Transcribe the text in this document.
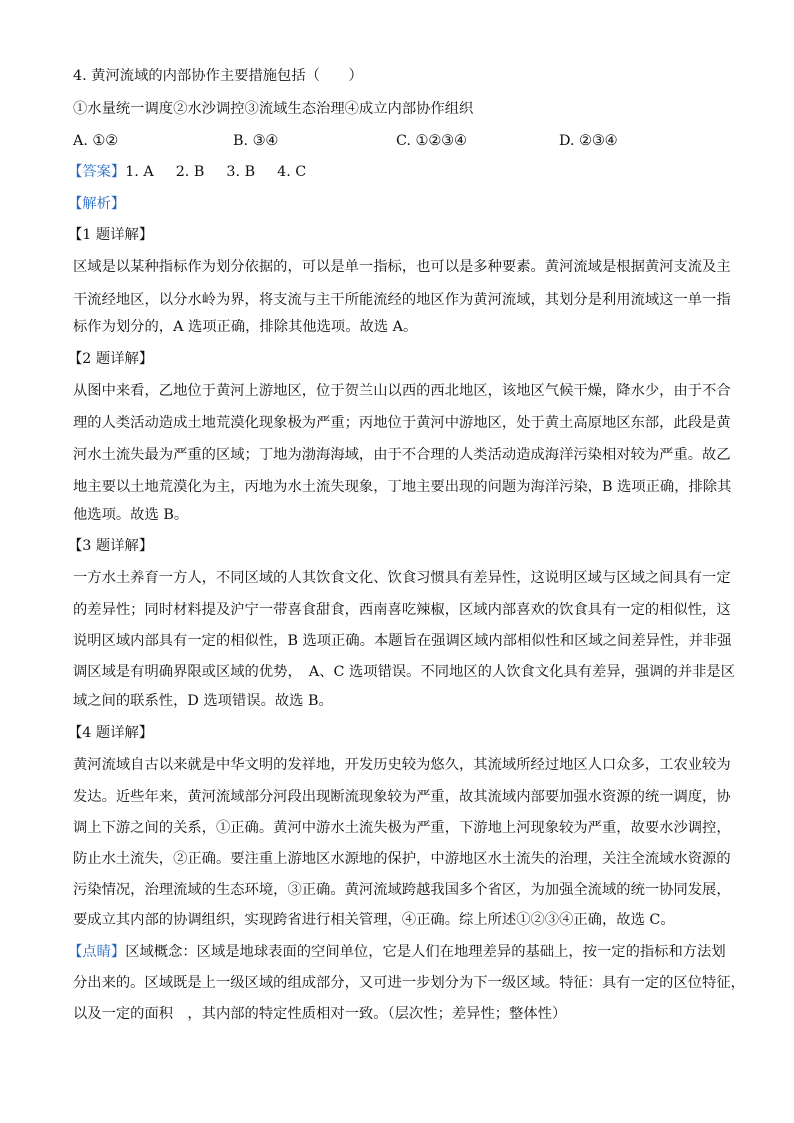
4. 黄河流域的内部协作主要措施包括（　　）
①水量统一调度②水沙调控③流域生态治理④成立内部协作组织
A. ①②	B. ③④	C. ①②③④	D. ②③④
【答案】1. A 2. B 3. B 4. C
【解析】
【1 题详解】
区域是以某种指标作为划分依据的，可以是单一指标，也可以是多种要素。黄河流域是根据黄河支流及主
干流经地区，以分水岭为界，将支流与主干所能流经的地区作为黄河流域，其划分是利用流域这一单一指
标作为划分的，A 选项正确，排除其他选项。故选 A。
【2 题详解】
从图中来看，乙地位于黄河上游地区，位于贺兰山以西的西北地区，该地区气候干燥，降水少，由于不合
理的人类活动造成土地荒漠化现象极为严重；丙地位于黄河中游地区，处于黄土高原地区东部，此段是黄
河水土流失最为严重的区域；丁地为渤海海域，由于不合理的人类活动造成海洋污染相对较为严重。故乙
地主要以土地荒漠化为主，丙地为水土流失现象，丁地主要出现的问题为海洋污染，B 选项正确，排除其
他选项。故选 B。
【3 题详解】
一方水土养育一方人，不同区域的人其饮食文化、饮食习惯具有差异性，这说明区域与区域之间具有一定
的差异性；同时材料提及沪宁一带喜食甜食，西南喜吃辣椒，区域内部喜欢的饮食具有一定的相似性，这
说明区域内部具有一定的相似性，B 选项正确。本题旨在强调区域内部相似性和区域之间差异性，并非强
调区域是有明确界限或区域的优势，　A、C 选项错误。不同地区的人饮食文化具有差异，强调的并非是区
域之间的联系性，D 选项错误。故选 B。
【4 题详解】
黄河流域自古以来就是中华文明的发祥地，开发历史较为悠久，其流域所经过地区人口众多，工农业较为
发达。近些年来，黄河流域部分河段出现断流现象较为严重，故其流域内部要加强水资源的统一调度，协
调上下游之间的关系，①正确。黄河中游水土流失极为严重，下游地上河现象较为严重，故要水沙调控，
防止水土流失，②正确。要注重上游地区水源地的保护，中游地区水土流失的治理，关注全流域水资源的
污染情况，治理流域的生态环境，③正确。黄河流域跨越我国多个省区，为加强全流域的统一协同发展，
要成立其内部的协调组织，实现跨省进行相关管理，④正确。综上所述①②③④正确，故选 C。
【点睛】区域概念：区域是地球表面的空间单位，它是人们在地理差异的基础上，按一定的指标和方法划
分出来的。区域既是上一级区域的组成部分，又可进一步划分为下一级区域。特征：具有一定的区位特征，
以及一定的面积　，其内部的特定性质相对一致。（层次性；差异性；整体性）
